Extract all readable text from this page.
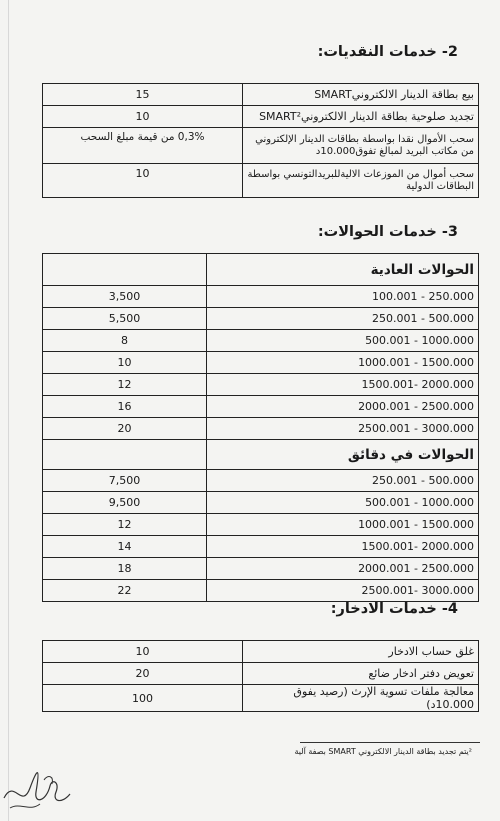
2- خدمات النقديات:
15	بيع بطاقة الدينار الالكترونيSMART
10	تجديد صلوحية بطاقة الدينار الالكترونيSMART²
0,3% من قيمة مبلغ السحب	سحب الأموال نقدا بواسطة بطاقات الدينار الإلكتروني من مكاتب البريد لمبالغ تفوق10.000د
10	سحب أموال من الموزعات الاليةللبريدالتونسي بواسطة البطاقات الدولية
3- خدمات الحوالات:
	الحوالات العادية
3,500	100.001 - 250.000
5,500	250.001 - 500.000
8	500.001 - 1000.000
10	1000.001 - 1500.000
12	1500.001- 2000.000
16	2000.001 - 2500.000
20	2500.001 - 3000.000
	الحوالات في دقائق
7,500	250.001 - 500.000
9,500	500.001 - 1000.000
12	1000.001 - 1500.000
14	1500.001- 2000.000
18	2000.001 - 2500.000
22	2500.001- 3000.000
4- خدمات الادخار:
10	غلق حساب الادخار
20	تعويض دفتر ادخار ضائع
100	معالجة ملفات تسوية الإرث (رصيد يفوق 10.000د)
²يتم تجديد بطاقة الدينار الالكتروني SMART بصفة آلية
